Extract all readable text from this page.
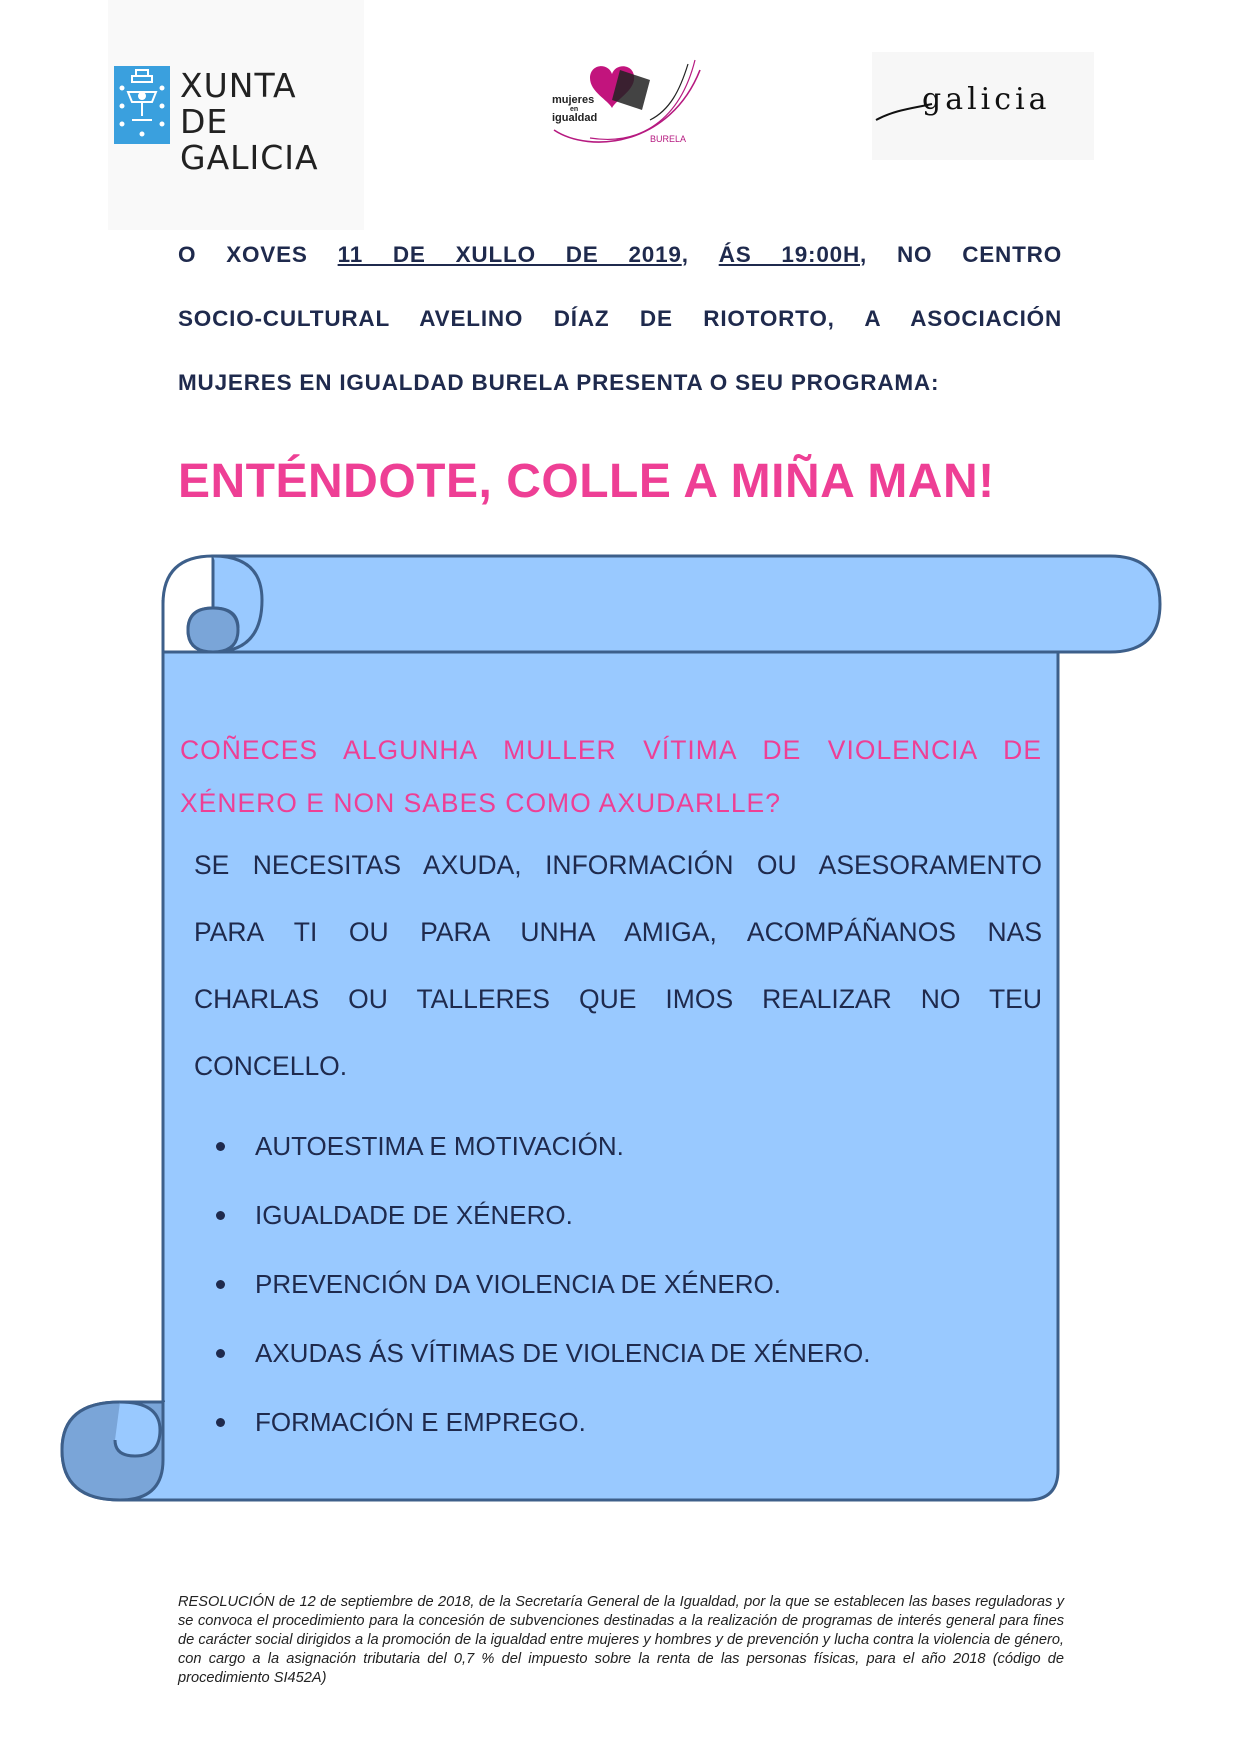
XUNTA
DE GALICIA
mujeres
en
igualdad
BURELA
galicia
O XOVES 11 DE XULLO DE 2019, ÁS 19:00H, NO CENTRO
SOCIO-CULTURAL AVELINO DÍAZ DE RIOTORTO, A ASOCIACIÓN
MUJERES EN IGUALDAD BURELA PRESENTA O SEU PROGRAMA:
ENTÉNDOTE, COLLE A MIÑA MAN!
COÑECES ALGUNHA MULLER VÍTIMA DE VIOLENCIA DE
XÉNERO E NON SABES COMO AXUDARLLE?
SE NECESITAS AXUDA, INFORMACIÓN OU ASESORAMENTO
PARA TI OU PARA UNHA AMIGA, ACOMPÁÑANOS NAS
CHARLAS OU TALLERES QUE IMOS REALIZAR NO TEU
CONCELLO.
AUTOESTIMA E MOTIVACIÓN.
IGUALDADE DE XÉNERO.
PREVENCIÓN DA VIOLENCIA DE XÉNERO.
AXUDAS ÁS VÍTIMAS DE VIOLENCIA DE XÉNERO.
FORMACIÓN E EMPREGO.
RESOLUCIÓN de 12 de septiembre de 2018, de la Secretaría General de la Igualdad, por la que se establecen las bases reguladoras y se convoca el procedimiento para la concesión de subvenciones destinadas a la realización de programas de interés general para fines de carácter social dirigidos a la promoción de la igualdad entre mujeres y hombres y de prevención y lucha contra la violencia de género, con cargo a la asignación tributaria del 0,7 % del impuesto sobre la renta de las personas físicas, para el año 2018 (código de procedimiento SI452A)
